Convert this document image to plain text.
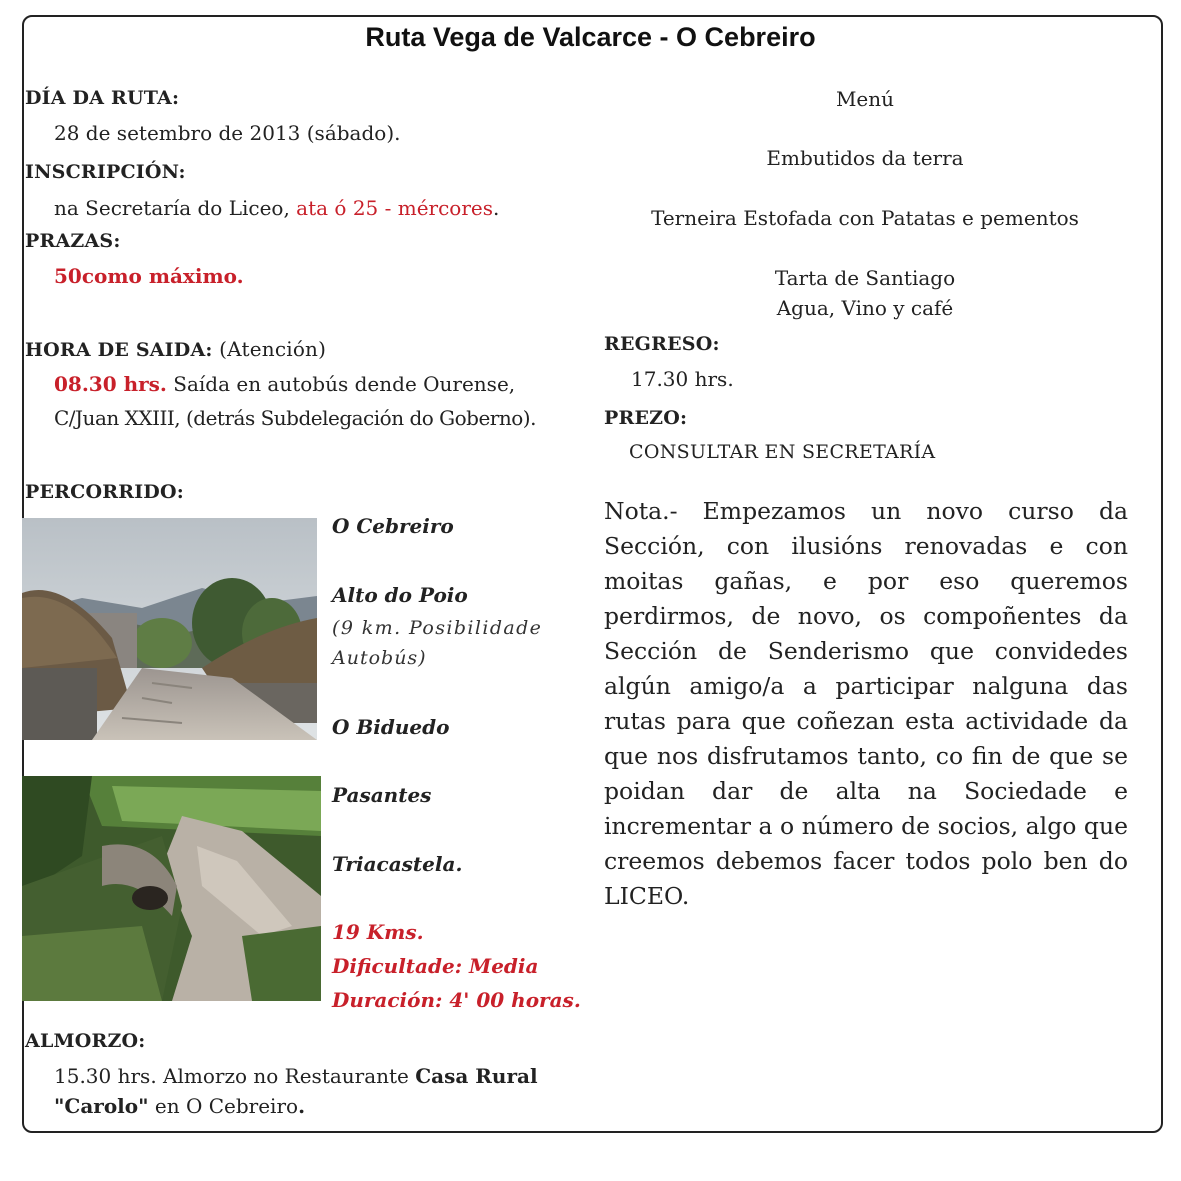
Ruta Vega de Valcarce - O Cebreiro
DÍA DA RUTA:
28 de setembro de 2013 (sábado).
INSCRIPCIÓN:
na Secretaría do Liceo, ata ó 25 - mércores.
PRAZAS:
50como máximo.
HORA DE SAIDA: (Atención)
08.30 hrs. Saída en autobús dende Ourense,
C/Juan XXIII, (detrás Subdelegación do Goberno).
PERCORRIDO:
O Cebreiro
Alto do Poio
(9 km. Posibilidade
Autobús)
O Biduedo
Pasantes
Triacastela.
19 Kms.
Dificultade: Media
Duración: 4' 00 horas.
ALMORZO:
15.30 hrs. Almorzo no Restaurante Casa Rural
"Carolo" en O Cebreiro.
Menú
Embutidos da terra
Terneira Estofada con Patatas e pementos
Tarta de Santiago
Agua, Vino y café
REGRESO:
17.30 hrs.
PREZO:
CONSULTAR EN SECRETARÍA
Nota.- Empezamos un novo curso da Sección, con ilusións renovadas e con moitas gañas, e por eso queremos perdirmos, de novo, os compoñentes da Sección de Senderismo que convidedes algún amigo/a a participar nalguna das rutas para que coñezan esta actividade da que nos disfrutamos tanto, co fin de que se poidan dar de alta na Sociedade e incrementar a o número de socios, algo que creemos debemos facer todos polo ben do LICEO.
